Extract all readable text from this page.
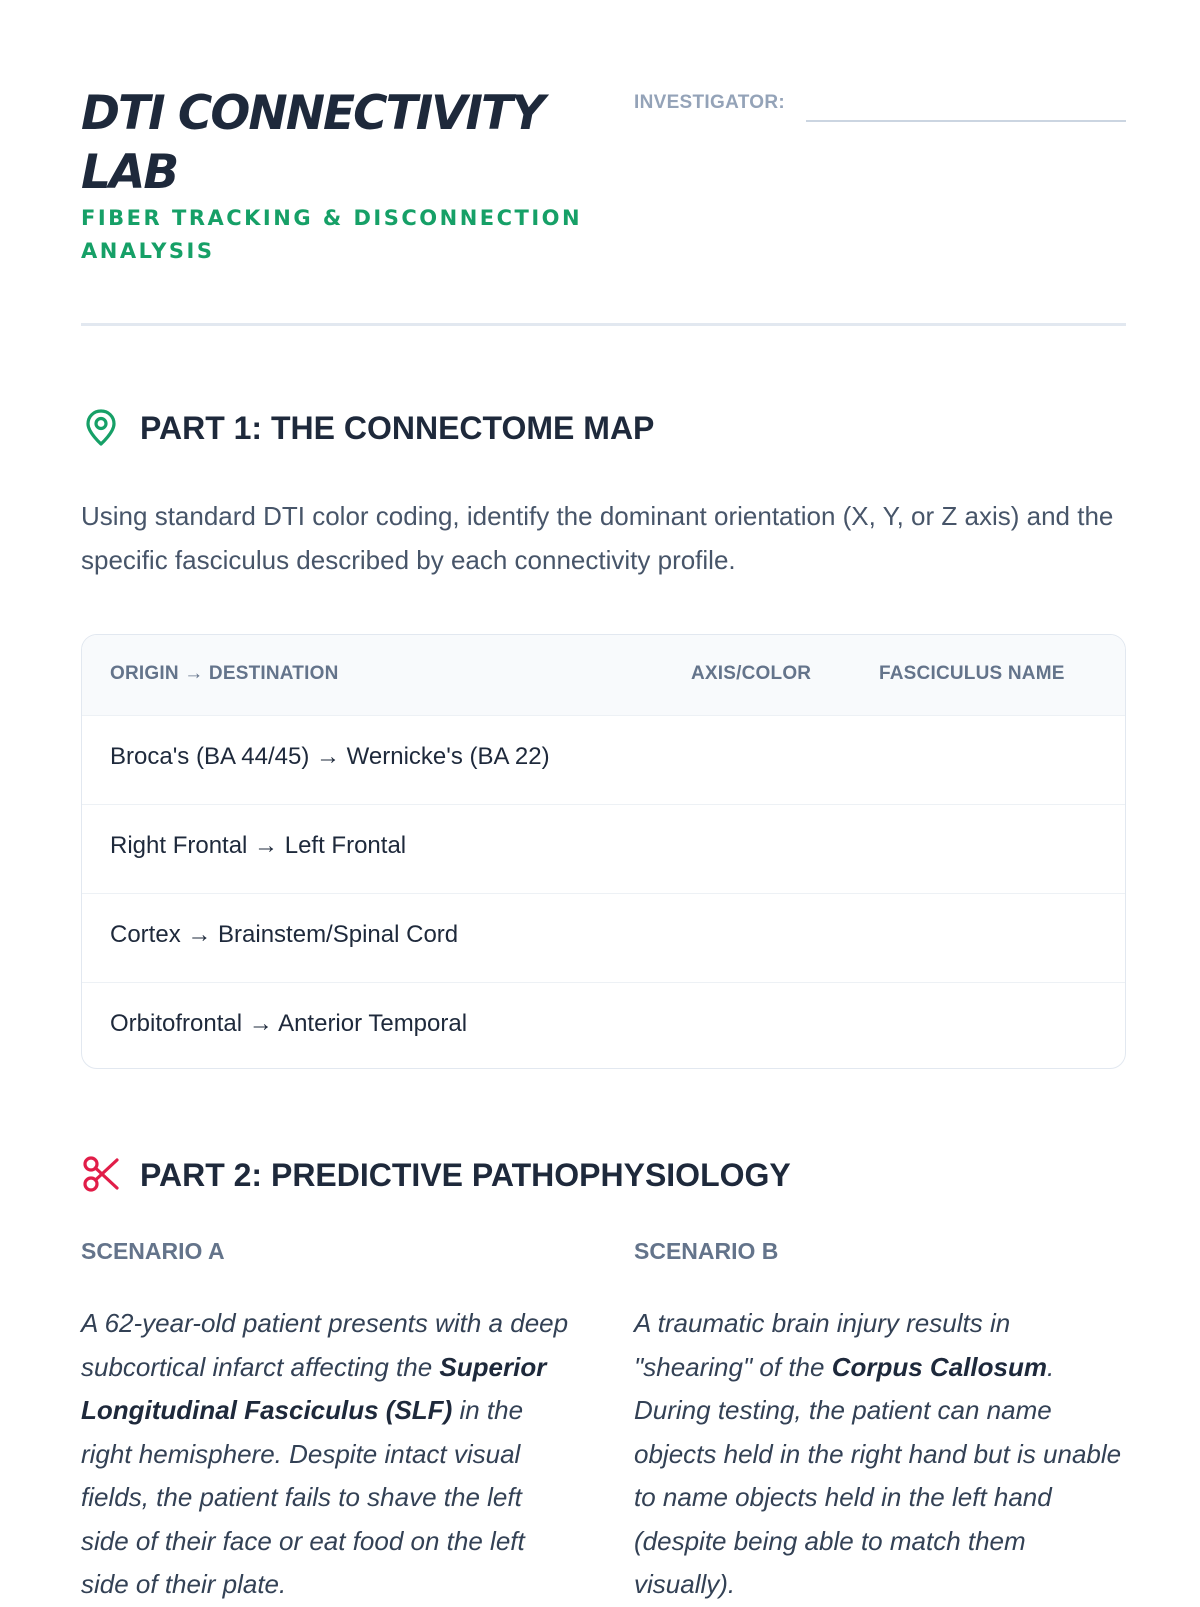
DTI CONNECTIVITY LAB
FIBER TRACKING & DISCONNECTION ANALYSIS
INVESTIGATOR:
PART 1: THE CONNECTOME MAP
Using standard DTI color coding, identify the dominant orientation (X, Y, or Z axis) and the specific fasciculus described by each connectivity profile.
ORIGIN → DESTINATION	AXIS/COLOR	FASCICULUS NAME
Broca's (BA 44/45) → Wernicke's (BA 22)
Right Frontal → Left Frontal
Cortex → Brainstem/Spinal Cord
Orbitofrontal → Anterior Temporal
PART 2: PREDICTIVE PATHOPHYSIOLOGY
SCENARIO A
A 62-year-old patient presents with a deep subcortical infarct affecting the Superior Longitudinal Fasciculus (SLF) in the right hemisphere. Despite intact visual fields, the patient fails to shave the left side of their face or eat food on the left side of their plate.
SCENARIO B
A traumatic brain injury results in "shearing" of the Corpus Callosum. During testing, the patient can name objects held in the right hand but is unable to name objects held in the left hand (despite being able to match them visually).
